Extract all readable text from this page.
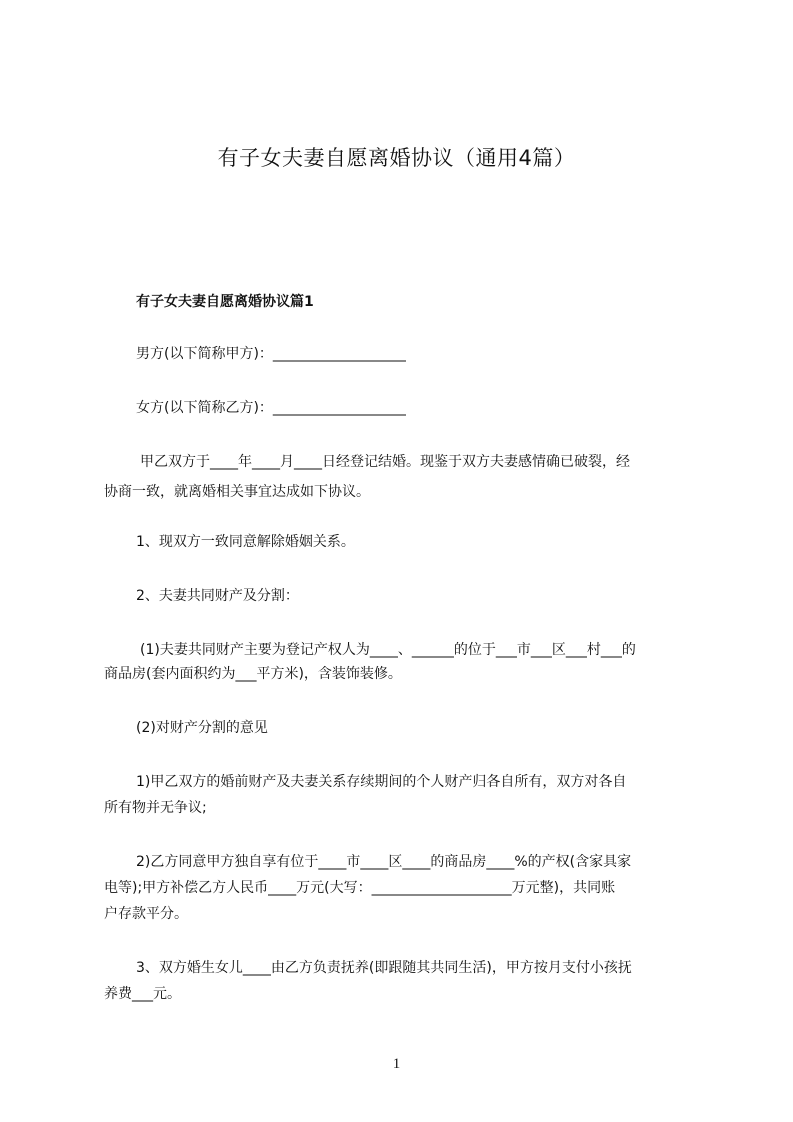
有子女夫妻自愿离婚协议（通用4篇）
有子女夫妻自愿离婚协议篇1
男方(以下简称甲方)：___________________
女方(以下简称乙方)：___________________
甲乙双方于____年____月____日经登记结婚。现鉴于双方夫妻感情确已破裂，经
协商一致，就离婚相关事宜达成如下协议。
1、现双方一致同意解除婚姻关系。
2、夫妻共同财产及分割：
(1)夫妻共同财产主要为登记产权人为____、______的位于___市___区___村___的
商品房(套内面积约为___平方米)，含装饰装修。
(2)对财产分割的意见
1)甲乙双方的婚前财产及夫妻关系存续期间的个人财产归各自所有，双方对各自
所有物并无争议;
2)乙方同意甲方独自享有位于____市____区____的商品房____%的产权(含家具家
电等);甲方补偿乙方人民币____万元(大写：____________________万元整)，共同账
户存款平分。
3、双方婚生女儿____由乙方负责抚养(即跟随其共同生活)，甲方按月支付小孩抚
养费___元。
1
